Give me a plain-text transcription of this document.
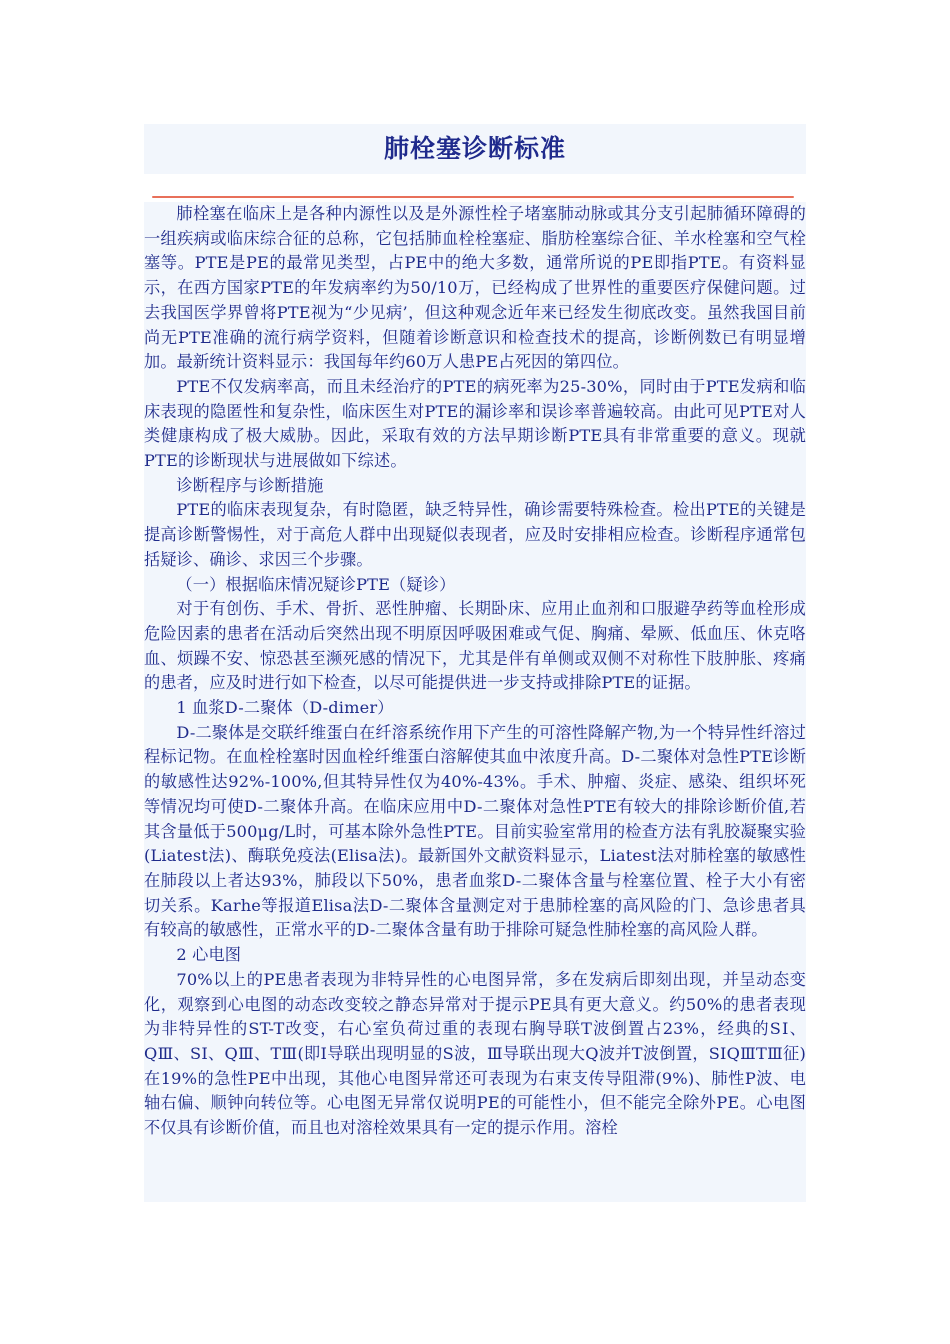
肺栓塞诊断标准

肺栓塞在临床上是各种内源性以及是外源性栓子堵塞肺动脉或其分支引起肺循环障碍的一组疾病或临床综合征的总称，它包括肺血栓栓塞症、脂肪栓塞综合征、羊水栓塞和空气栓塞等。PTE是PE的最常见类型，占PE中的绝大多数，通常所说的PE即指PTE。有资料显示，在西方国家PTE的年发病率约为50/10万，已经构成了世界性的重要医疗保健问题。过去我国医学界曾将PTE视为“少见病’，但这种观念近年来已经发生彻底改变。虽然我国目前尚无PTE准确的流行病学资料，但随着诊断意识和检查技术的提高，诊断例数已有明显增加。最新统计资料显示：我国每年约60万人患PE占死因的第四位。

PTE不仅发病率高，而且未经治疗的PTE的病死率为25-30%，同时由于PTE发病和临床表现的隐匿性和复杂性，临床医生对PTE的漏诊率和误诊率普遍较高。由此可见PTE对人类健康构成了极大威胁。因此，采取有效的方法早期诊断PTE具有非常重要的意义。现就PTE的诊断现状与进展做如下综述。

诊断程序与诊断措施

PTE的临床表现复杂，有时隐匿，缺乏特异性，确诊需要特殊检查。检出PTE的关键是提高诊断警惕性，对于高危人群中出现疑似表现者，应及时安排相应检查。诊断程序通常包括疑诊、确诊、求因三个步骤。

（一）根据临床情况疑诊PTE（疑诊）

对于有创伤、手术、骨折、恶性肿瘤、长期卧床、应用止血剂和口服避孕药等血栓形成危险因素的患者在活动后突然出现不明原因呼吸困难或气促、胸痛、晕厥、低血压、休克咯血、烦躁不安、惊恐甚至濒死感的情况下，尤其是伴有单侧或双侧不对称性下肢肿胀、疼痛的患者，应及时进行如下检查，以尽可能提供进一步支持或排除PTE的证据。

1 血浆D-二聚体（D-dimer）

D-二聚体是交联纤维蛋白在纤溶系统作用下产生的可溶性降解产物,为一个特异性纤溶过程标记物。在血栓栓塞时因血栓纤维蛋白溶解使其血中浓度升高。D-二聚体对急性PTE诊断的敏感性达92%-100%,但其特异性仅为40%-43%。手术、肿瘤、炎症、感染、组织坏死等情况均可使D-二聚体升高。在临床应用中D-二聚体对急性PTE有较大的排除诊断价值,若其含量低于500μg/L时，可基本除外急性PTE。目前实验室常用的检查方法有乳胶凝聚实验(Liatest法)、酶联免疫法(Elisa法)。最新国外文献资料显示，Liatest法对肺栓塞的敏感性在肺段以上者达93%，肺段以下50%，患者血浆D-二聚体含量与栓塞位置、栓子大小有密切关系。Karhe等报道Elisa法D-二聚体含量测定对于患肺栓塞的高风险的门、急诊患者具有较高的敏感性，正常水平的D-二聚体含量有助于排除可疑急性肺栓塞的高风险人群。

2 心电图

70%以上的PE患者表现为非特异性的心电图异常，多在发病后即刻出现，并呈动态变化，观察到心电图的动态改变较之静态异常对于提示PE具有更大意义。约50%的患者表现为非特异性的ST-T改变，右心室负荷过重的表现右胸导联T波倒置占23%，经典的SⅠ、QⅢ、SⅠ、QⅢ、TⅢ(即Ⅰ导联出现明显的S波，Ⅲ导联出现大Q波并T波倒置，SIQⅢTⅢ征)在19%的急性PE中出现，其他心电图异常还可表现为右束支传导阻滞(9%)、肺性P波、电轴右偏、顺钟向转位等。心电图无异常仅说明PE的可能性小，但不能完全除外PE。心电图不仅具有诊断价值，而且也对溶栓效果具有一定的提示作用。溶栓
